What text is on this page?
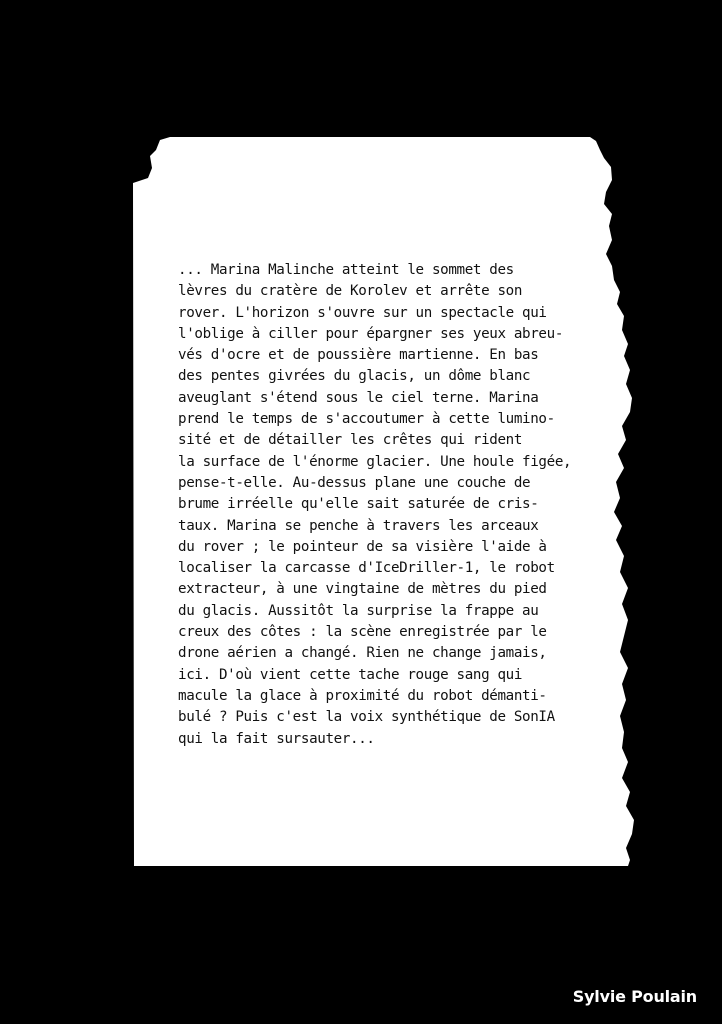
... Marina Malinche atteint le sommet des
lèvres du cratère de Korolev et arrête son
rover. L'horizon s'ouvre sur un spectacle qui
l'oblige à ciller pour épargner ses yeux abreu-
vés d'ocre et de poussière martienne. En bas
des pentes givrées du glacis, un dôme blanc
aveuglant s'étend sous le ciel terne. Marina
prend le temps de s'accoutumer à cette lumino-
sité et de détailler les crêtes qui rident
la surface de l'énorme glacier. Une houle figée,
pense-t-elle. Au-dessus plane une couche de
brume irréelle qu'elle sait saturée de cris-
taux. Marina se penche à travers les arceaux
du rover ; le pointeur de sa visière l'aide à
localiser la carcasse d'IceDriller-1, le robot
extracteur, à une vingtaine de mètres du pied
du glacis. Aussitôt la surprise la frappe au
creux des côtes : la scène enregistrée par le
drone aérien a changé. Rien ne change jamais,
ici. D'où vient cette tache rouge sang qui
macule la glace à proximité du robot démanti-
bulé ? Puis c'est la voix synthétique de SonIA
qui la fait sursauter...
Sylvie Poulain
